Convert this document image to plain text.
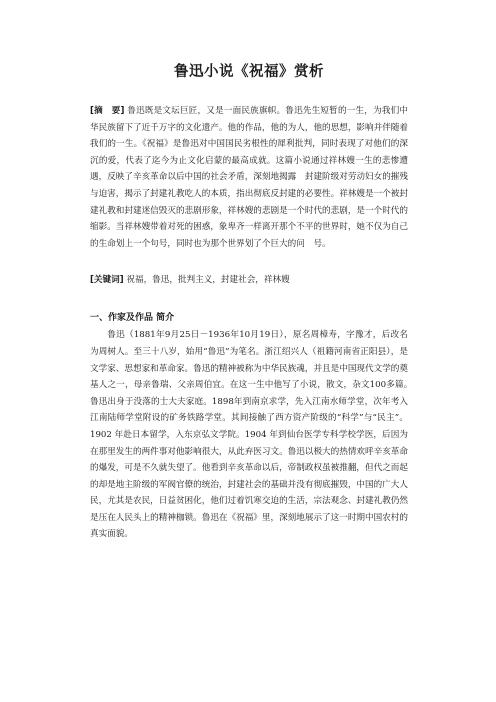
鲁迅小说《祝福》赏析

[摘　要] 鲁迅既是文坛巨匠，又是一面民族旗帜。鲁迅先生短暂的一生，为我们中华民族留下了近千万字的文化遗产。他的作品，他的为人，他的思想，影响并伴随着我们的一生。《祝福》是鲁迅对中国国民劣根性的犀利批判，同时表现了对他们的深沉的爱，代表了迄今为止文化启蒙的最高成就。这篇小说通过祥林嫂一生的悲惨遭遇，反映了辛亥革命以后中国的社会矛盾，深刻地揭露　封建阶级对劳动妇女的摧残与迫害，揭示了封建礼教吃人的本质，指出彻底反封建的必要性。祥林嫂是一个被封建礼教和封建迷信毁灭的悲剧形象，祥林嫂的悲剧是一个时代的悲剧，是一个时代的缩影。当祥林嫂带着对死的困惑，象卑齐一样离开那个不平的世界时，她不仅为自己的生命划上一个句号，同时也为那个世界划了个巨大的问　号。

[关键词] 祝福，鲁迅，批判主义，封建社会，祥林嫂

一、作家及作品 简介

鲁迅（1881年9月25日－1936年10月19日），原名周樟寿，字豫才，后改名为周树人。至三十八岁，始用“鲁迅”为笔名。浙江绍兴人（祖籍河南省正阳县），是文学家、思想家和革命家。鲁迅的精神被称为中华民族魂，并且是中国现代文学的奠基人之一，母亲鲁瑞、父亲周伯宜。在这一生中他写了小说，散文，杂文100多篇。　鲁迅出身于没落的士大夫家庭。1898年到南京求学，先入江南水师学堂，次年考入江南陆师学堂附设的矿务铁路学堂。其间接触了西方资产阶级的“科学”与“民主”。1902 年赴日本留学，入东京弘文学院。1904 年到仙台医学专科学校学医，后因为在那里发生的两件事对他影响很大，从此弃医习文。鲁迅以极大的热情欢呼辛亥革命的爆发，可是不久就失望了。他看到辛亥革命以后，帝制政权虽被推翻，但代之而起的却是地主阶级的军阀官僚的统治，封建社会的基础并没有彻底摧毁，中国的广大人民，尤其是农民，日益贫困化，他们过着饥寒交迫的生活，宗法观念、封建礼教仍然是压在人民头上的精神枷锁。鲁迅在《祝福》里，深刻地展示了这一时期中国农村的真实面貌。
